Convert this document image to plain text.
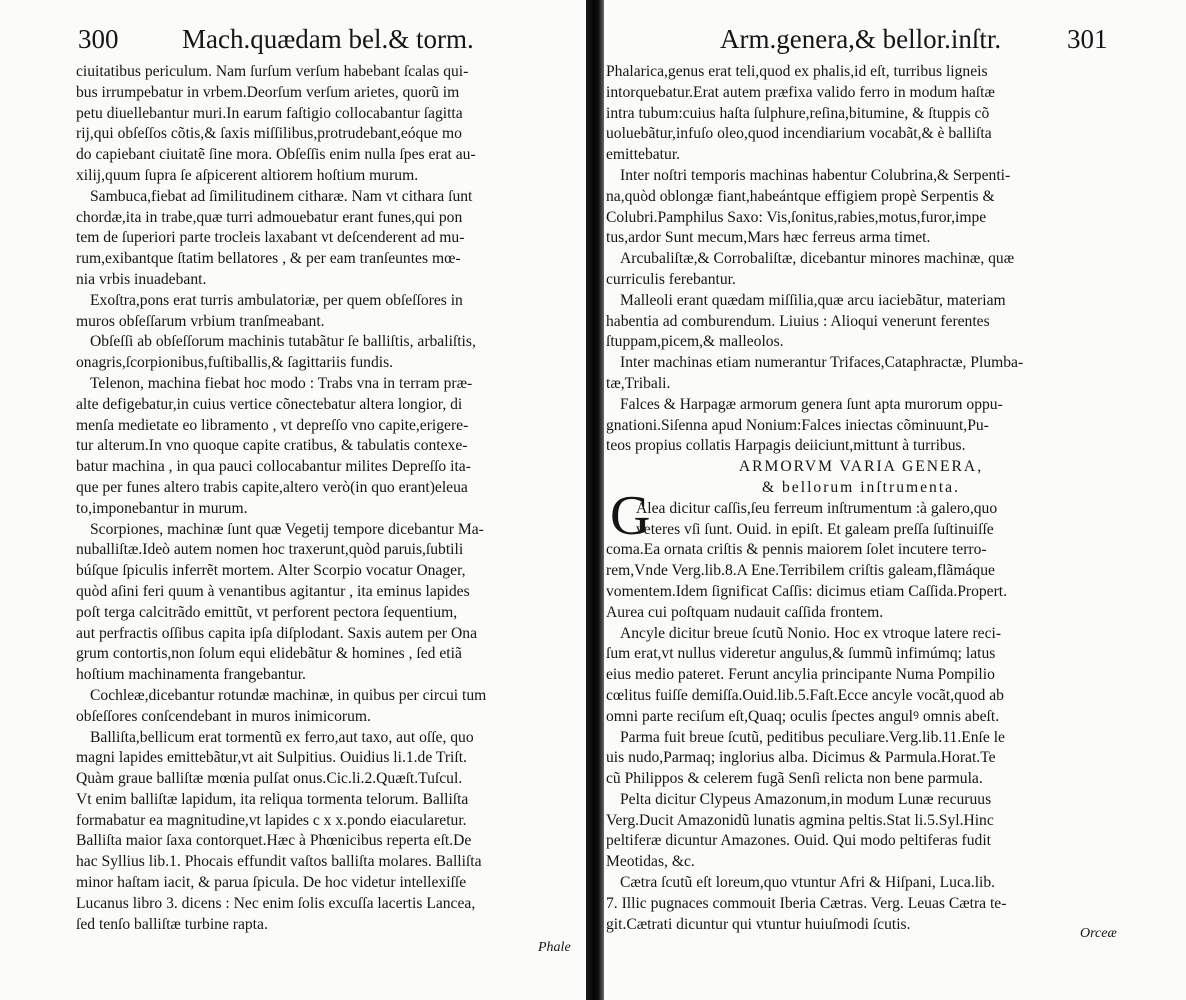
300 Mach.quædam bel.& torm.
ciuitatibus periculum. Nam ſurſum verſum habebant ſcalas qui-
bus irrumpebatur in vrbem.Deorſum verſum arietes, quorũ im
petu diuellebantur muri.In earum faſtigio collocabantur ſagitta
rij,qui obſeſſos cõtis,& ſaxis miſſilibus,protrudebant,eóque mo
do capiebant ciuitatẽ ſine mora. Obſeſſis enim nulla ſpes erat au-
xilij,quum ſupra ſe aſpicerent altiorem hoſtium murum.
Sambuca,fiebat ad ſimilitudinem citharæ. Nam vt cithara ſunt
chordæ,ita in trabe,quæ turri admouebatur erant funes,qui pon
tem de ſuperiori parte trocleis laxabant vt deſcenderent ad mu-
rum,exibantque ſtatim bellatores , & per eam tranſeuntes mœ-
nia vrbis inuadebant.
Exoſtra,pons erat turris ambulatoriæ, per quem obſeſſores in
muros obſeſſarum vrbium tranſmeabant.
Obſeſſi ab obſeſſorum machinis tutabãtur ſe balliſtis, arbaliſtis,
onagris,ſcorpionibus,fuſtiballis,& ſagittariis fundis.
Telenon, machina fiebat hoc modo : Trabs vna in terram præ-
alte defigebatur,in cuius vertice cõnectebatur altera longior, di
menſa medietate eo libramento , vt depreſſo vno capite,erigere-
tur alterum.In vno quoque capite cratibus, & tabulatis contexe-
batur machina , in qua pauci collocabantur milites Depreſſo ita-
que per funes altero trabis capite,altero verò(in quo erant)eleua
to,imponebantur in murum.
Scorpiones, machinæ ſunt quæ Vegetij tempore dicebantur Ma-
nuballiſtæ.Ideò autem nomen hoc traxerunt,quòd paruis,ſubtili
búſque ſpiculis inferrẽt mortem. Alter Scorpio vocatur Onager,
quòd aſini feri quum à venantibus agitantur , ita eminus lapides
poſt terga calcitrãdo emittũt, vt perforent pectora ſequentium,
aut perfractis oſſibus capita ipſa diſplodant. Saxis autem per Ona
grum contortis,non ſolum equi elidebãtur & homines , ſed etiã
hoſtium machinamenta frangebantur.
Cochleæ,dicebantur rotundæ machinæ, in quibus per circui tum
obſeſſores conſcendebant in muros inimicorum.
Balliſta,bellicum erat tormentũ ex ferro,aut taxo, aut oſſe, quo
magni lapides emittebãtur,vt ait Sulpitius. Ouidius li.1.de Triſt.
Quàm graue balliſtæ mœnia pulſat onus.Cic.li.2.Quæſt.Tuſcul.
Vt enim balliſtæ lapidum, ita reliqua tormenta telorum. Balliſta
formabatur ea magnitudine,vt lapides c x x.pondo eiacularetur.
Balliſta maior ſaxa contorquet.Hæc à Phœnicibus reperta eſt.De
hac Syllius lib.1. Phocais effundit vaſtos balliſta molares. Balliſta
minor haſtam iacit, & parua ſpicula. De hoc videtur intellexiſſe
Lucanus libro 3. dicens : Nec enim ſolis excuſſa lacertis Lancea,
ſed tenſo balliſtæ turbine rapta.
Phale
Arm.genera,& bellor.inſtr. 301
Phalarica,genus erat teli,quod ex phalis,id eſt, turribus ligneis
intorquebatur.Erat autem præfixa valido ferro in modum haſtæ
intra tubum:cuius haſta ſulphure,reſina,bitumine, & ſtuppis cõ
uoluebãtur,infuſo oleo,quod incendiarium vocabãt,& è balliſta
emittebatur.
Inter noſtri temporis machinas habentur Colubrina,& Serpenti-
na,quòd oblongæ fiant,habeántque effigiem propè Serpentis &
Colubri.Pamphilus Saxo: Vis,ſonitus,rabies,motus,furor,impe
tus,ardor Sunt mecum,Mars hæc ferreus arma timet.
Arcubaliſtæ,& Corrobaliſtæ, dicebantur minores machinæ, quæ
curriculis ferebantur.
Malleoli erant quædam miſſilia,quæ arcu iaciebãtur, materiam
habentia ad comburendum. Liuius : Alioqui venerunt ferentes
ſtuppam,picem,& malleolos.
Inter machinas etiam numerantur Trifaces,Cataphractæ, Plumba-
tæ,Tribali.
Falces & Harpagæ armorum genera ſunt apta murorum oppu-
gnationi.Siſenna apud Nonium:Falces iniectas cõminuunt,Pu-
teos propius collatis Harpagis deiiciunt,mittunt à turribus.
ARMORVM VARIA GENERA,
& bellorum inſtrumenta.
Alea dicitur caſſis,ſeu ferreum inſtrumentum :à galero,quo
veteres vſi ſunt. Ouid. in epiſt. Et galeam preſſa ſuſtinuiſſe
coma.Ea ornata criſtis & pennis maiorem ſolet incutere terro-
rem,Vnde Verg.lib.8.A Ene.Terribilem criſtis galeam,flãmáque
vomentem.Idem ſignificat Caſſis: dicimus etiam Caſſida.Propert.
Aurea cui poſtquam nudauit caſſida frontem.
Ancyle dicitur breue ſcutũ Nonio. Hoc ex vtroque latere reci-
ſum erat,vt nullus videretur angulus,& ſummũ infimúmq; latus
eius medio pateret. Ferunt ancylia principante Numa Pompilio
cœlitus fuiſſe demiſſa.Ouid.lib.5.Faſt.Ecce ancyle vocãt,quod ab
omni parte reciſum eſt,Quaq; oculis ſpectes angulꝰ omnis abeſt.
Parma fuit breue ſcutũ, peditibus peculiare.Verg.lib.11.Enſe le
uis nudo,Parmaq; inglorius alba. Dicimus & Parmula.Horat.Te
cũ Philippos & celerem fugã Senſi relicta non bene parmula.
Pelta dicitur Clypeus Amazonum,in modum Lunæ recuruus
Verg.Ducit Amazonidũ lunatis agmina peltis.Stat li.5.Syl.Hinc
peltiferæ dicuntur Amazones. Ouid. Qui modo peltiferas fudit
Meotidas, &c.
Cætra ſcutũ eſt loreum,quo vtuntur Afri & Hiſpani, Luca.lib.
7. Illic pugnaces commouit Iberia Cætras. Verg. Leuas Cætra te-
git.Cætrati dicuntur qui vtuntur huiuſmodi ſcutis.
G
Orceæ
